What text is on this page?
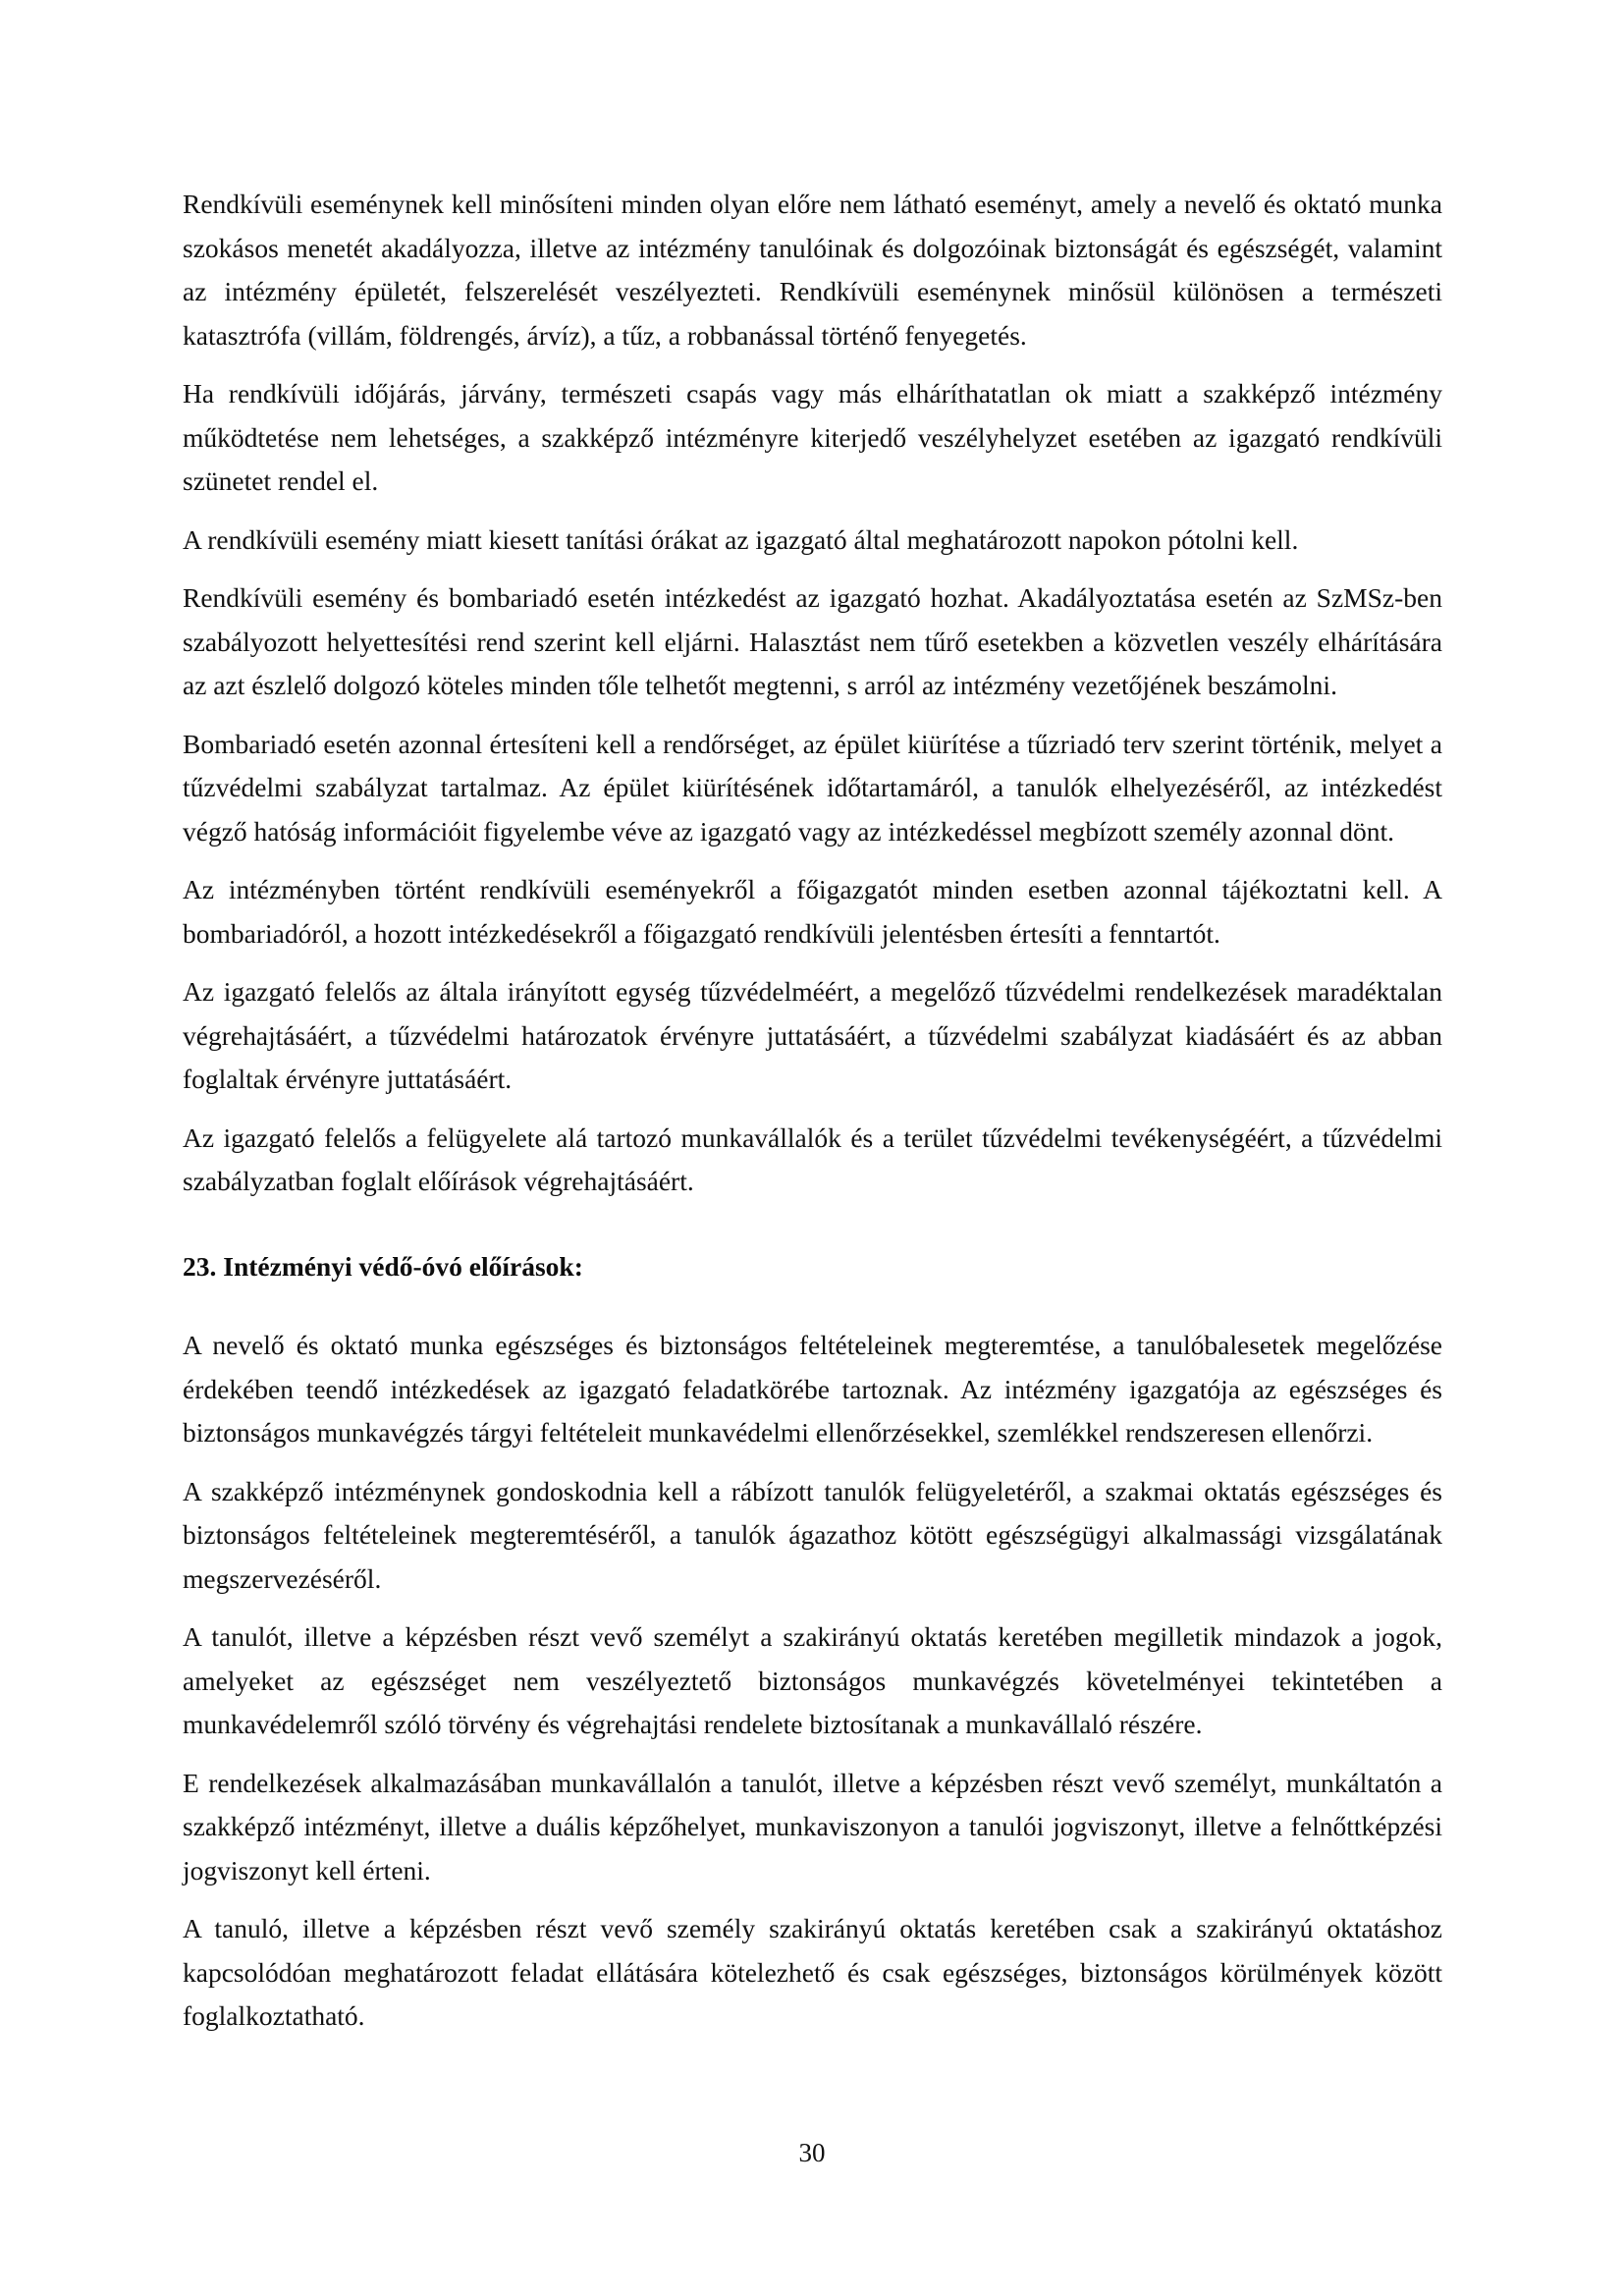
Rendkívüli eseménynek kell minősíteni minden olyan előre nem látható eseményt, amely a nevelő és oktató munka szokásos menetét akadályozza, illetve az intézmény tanulóinak és dolgozóinak biztonságát és egészségét, valamint az intézmény épületét, felszerelését veszélyezteti. Rendkívüli eseménynek minősül különösen a természeti katasztrófa (villám, földrengés, árvíz), a tűz, a robbanással történő fenyegetés.

Ha rendkívüli időjárás, járvány, természeti csapás vagy más elháríthatatlan ok miatt a szakképző intézmény működtetése nem lehetséges, a szakképző intézményre kiterjedő veszélyhelyzet esetében az igazgató rendkívüli szünetet rendel el.

A rendkívüli esemény miatt kiesett tanítási órákat az igazgató által meghatározott napokon pótolni kell.

Rendkívüli esemény és bombariadó esetén intézkedést az igazgató hozhat. Akadályoztatása esetén az SzMSz-ben szabályozott helyettesítési rend szerint kell eljárni. Halasztást nem tűrő esetekben a közvetlen veszély elhárítására az azt észlelő dolgozó köteles minden tőle telhetőt megtenni, s arról az intézmény vezetőjének beszámolni.

Bombariadó esetén azonnal értesíteni kell a rendőrséget, az épület kiürítése a tűzriadó terv szerint történik, melyet a tűzvédelmi szabályzat tartalmaz. Az épület kiürítésének időtartamáról, a tanulók elhelyezéséről, az intézkedést végző hatóság információit figyelembe véve az igazgató vagy az intézkedéssel megbízott személy azonnal dönt.

Az intézményben történt rendkívüli eseményekről a főigazgatót minden esetben azonnal tájékoztatni kell. A bombariadóról, a hozott intézkedésekről a főigazgató rendkívüli jelentésben értesíti a fenntartót.

Az igazgató felelős az általa irányított egység tűzvédelméért, a megelőző tűzvédelmi rendelkezések maradéktalan végrehajtásáért, a tűzvédelmi határozatok érvényre juttatásáért, a tűzvédelmi szabályzat kiadásáért és az abban foglaltak érvényre juttatásáért.

Az igazgató felelős a felügyelete alá tartozó munkavállalók és a terület tűzvédelmi tevékenységéért, a tűzvédelmi szabályzatban foglalt előírások végrehajtásáért.

23. Intézményi védő-óvó előírások:

A nevelő és oktató munka egészséges és biztonságos feltételeinek megteremtése, a tanulóbalesetek megelőzése érdekében teendő intézkedések az igazgató feladatkörébe tartoznak. Az intézmény igazgatója az egészséges és biztonságos munkavégzés tárgyi feltételeit munkavédelmi ellenőrzésekkel, szemlékkel rendszeresen ellenőrzi.

A szakképző intézménynek gondoskodnia kell a rábízott tanulók felügyeletéről, a szakmai oktatás egészséges és biztonságos feltételeinek megteremtéséről, a tanulók ágazathoz kötött egészségügyi alkalmassági vizsgálatának megszervezéséről.

A tanulót, illetve a képzésben részt vevő személyt a szakirányú oktatás keretében megilletik mindazok a jogok, amelyeket az egészséget nem veszélyeztető biztonságos munkavégzés követelményei tekintetében a munkavédelemről szóló törvény és végrehajtási rendelete biztosítanak a munkavállaló részére.

E rendelkezések alkalmazásában munkavállalón a tanulót, illetve a képzésben részt vevő személyt, munkáltatón a szakképző intézményt, illetve a duális képzőhelyet, munkaviszonyon a tanulói jogviszonyt, illetve a felnőttképzési jogviszonyt kell érteni.

A tanuló, illetve a képzésben részt vevő személy szakirányú oktatás keretében csak a szakirányú oktatáshoz kapcsolódóan meghatározott feladat ellátására kötelezhető és csak egészséges, biztonságos körülmények között foglalkoztatható.

30
